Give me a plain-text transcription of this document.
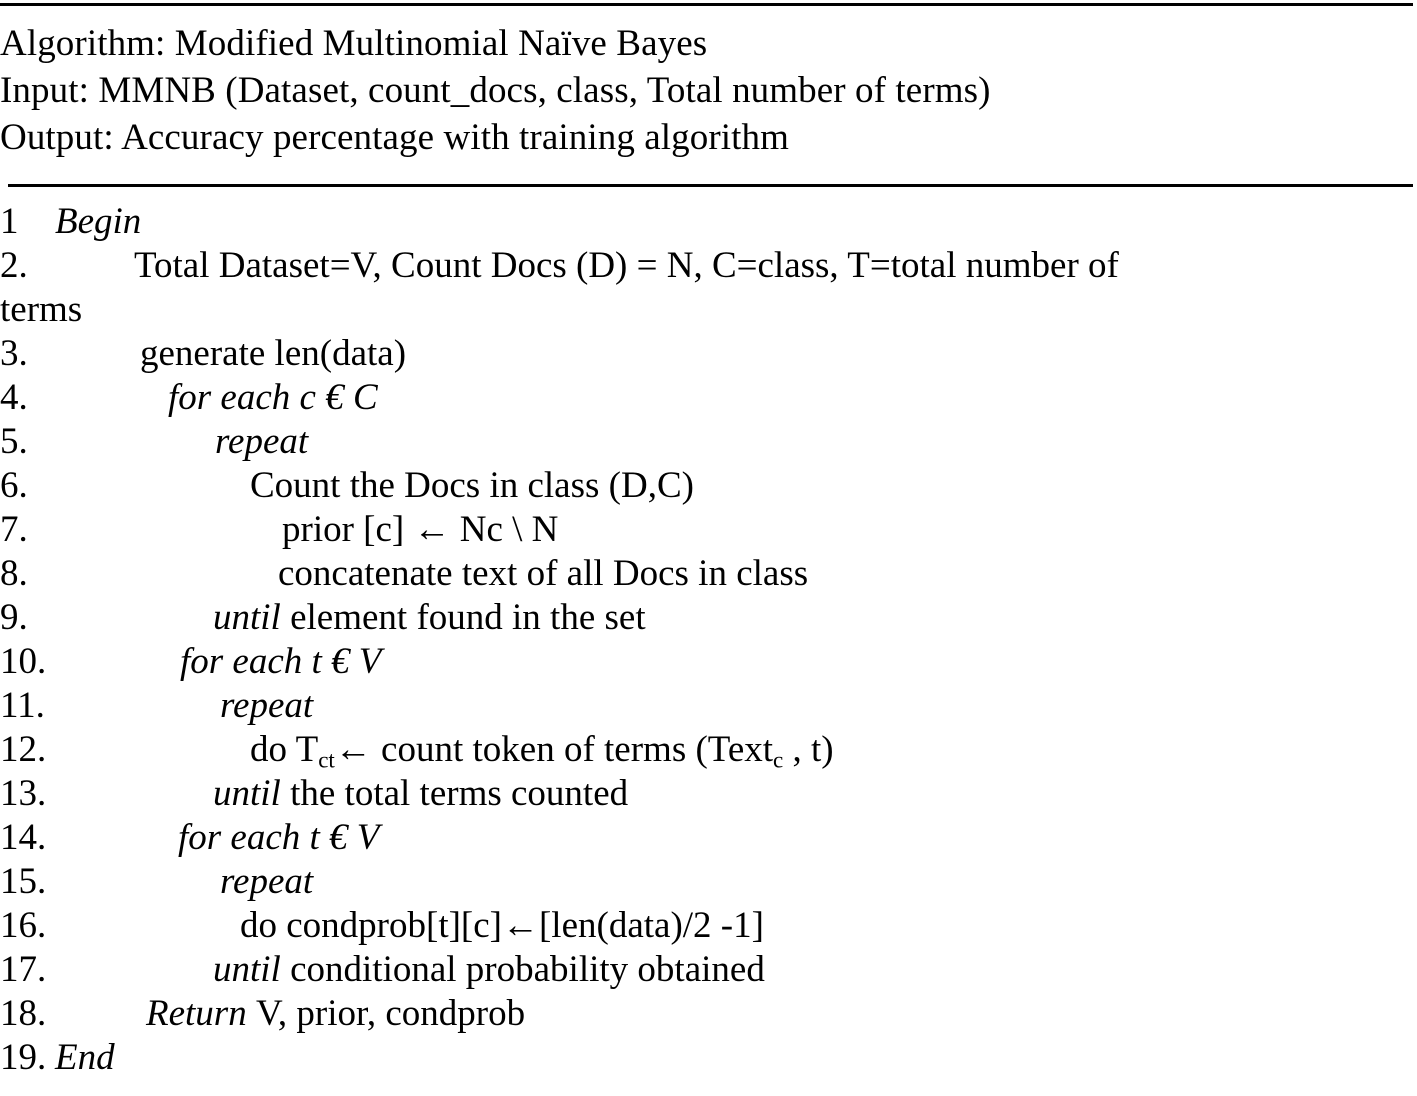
Algorithm: Modified Multinomial Naïve Bayes
Input: MMNB (Dataset, count_docs, class, Total number of terms)
Output: Accuracy percentage with training algorithm
1 Begin
2.	Total Dataset=V, Count Docs (D) = N, C=class, T=total number of
terms
3.	generate len(data)
4.	for each c € C
5.	repeat
6.	Count the Docs in class (D,C)
7.	prior [c] ← Nc \ N
8.	concatenate text of all Docs in class
9.	until element found in the set
10.	for each t € V
11.	repeat
12.	do $T_{ct}\leftarrow$ count token of terms (Text$_c$ , t)
13.	until the total terms counted
14.	for each t € V
15.	repeat
16.	do condprob[t][c]←[len(data)/2 -1]
17.	until conditional probability obtained
18.	Return V, prior, condprob
19. End
